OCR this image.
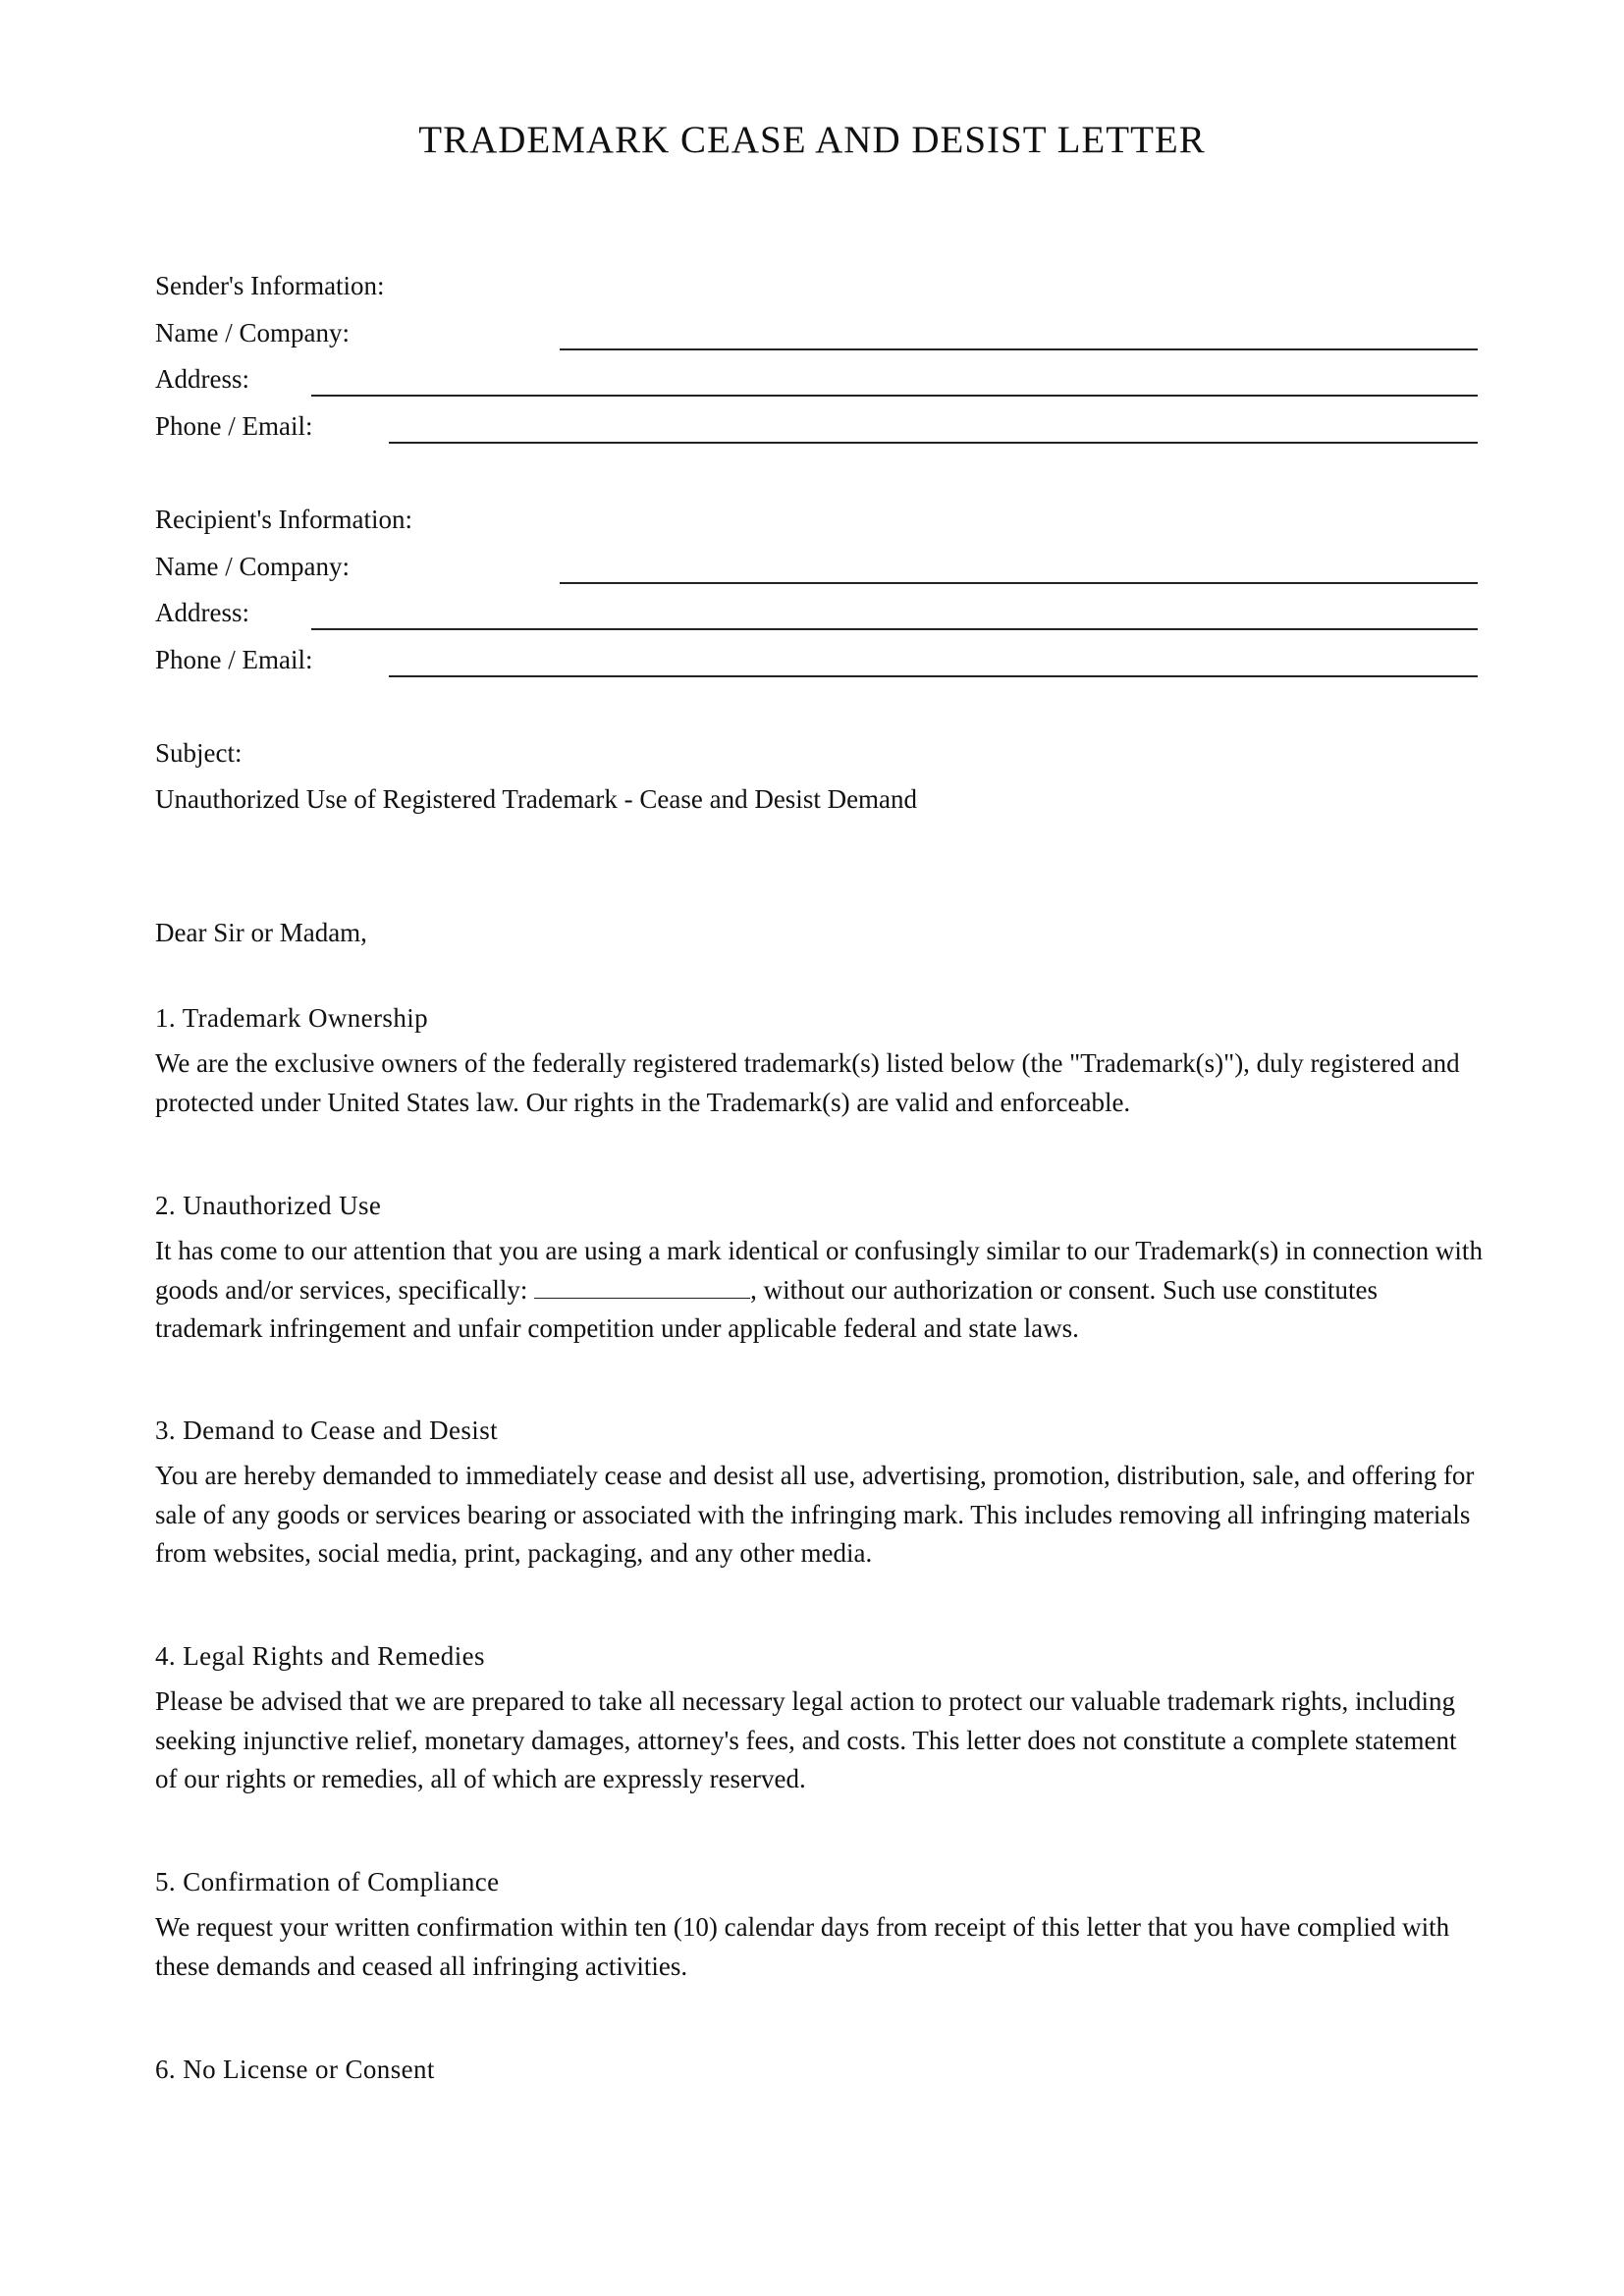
TRADEMARK CEASE AND DESIST LETTER
Sender's Information:
Name / Company:
Address:
Phone / Email:
Recipient's Information:
Name / Company:
Address:
Phone / Email:
Subject:
Unauthorized Use of Registered Trademark - Cease and Desist Demand
Dear Sir or Madam,
1. Trademark Ownership
We are the exclusive owners of the federally registered trademark(s) listed below (the "Trademark(s)"), duly registered and protected under United States law. Our rights in the Trademark(s) are valid and enforceable.
2. Unauthorized Use
It has come to our attention that you are using a mark identical or confusingly similar to our Trademark(s) in connection with goods and/or services, specifically:	, without our authorization or consent. Such use constitutes trademark infringement and unfair competition under applicable federal and state laws.
3. Demand to Cease and Desist
You are hereby demanded to immediately cease and desist all use, advertising, promotion, distribution, sale, and offering for sale of any goods or services bearing or associated with the infringing mark. This includes removing all infringing materials from websites, social media, print, packaging, and any other media.
4. Legal Rights and Remedies
Please be advised that we are prepared to take all necessary legal action to protect our valuable trademark rights, including seeking injunctive relief, monetary damages, attorney's fees, and costs. This letter does not constitute a complete statement of our rights or remedies, all of which are expressly reserved.
5. Confirmation of Compliance
We request your written confirmation within ten (10) calendar days from receipt of this letter that you have complied with these demands and ceased all infringing activities.
6. No License or Consent
